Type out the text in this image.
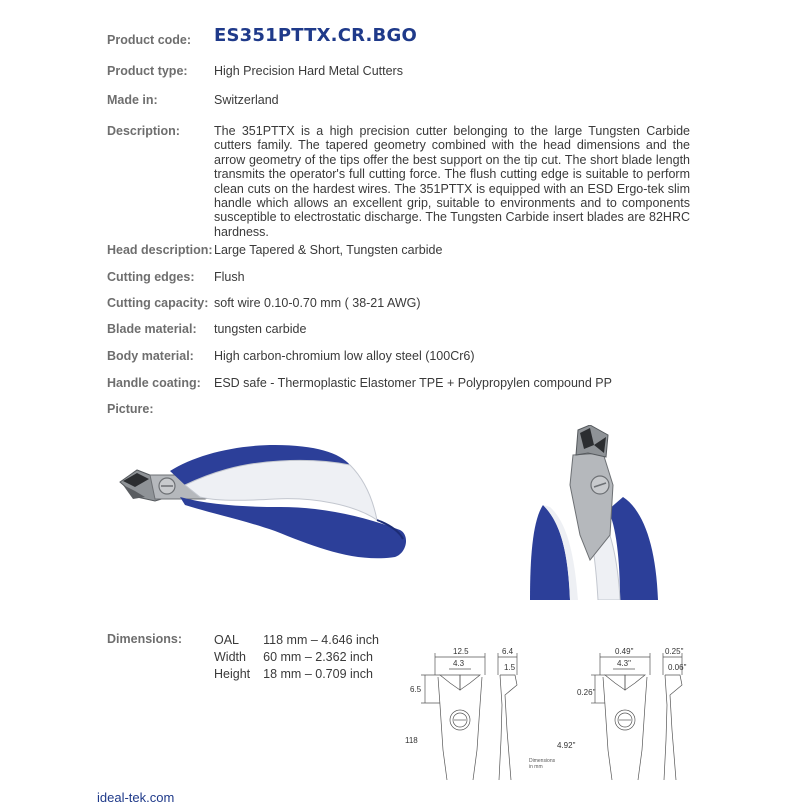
Product code: ES351PTTX.CR.BGO
Product type: High Precision Hard Metal Cutters
Made in:	Switzerland
Description:	The 351PTTX is a high precision cutter belonging to the large Tungsten Carbide cutters family. The tapered geometry combined with the head dimensions and the arrow geometry of the tips offer the best support on the tip cut. The short blade length transmits the operator's full cutting force. The flush cutting edge is suitable to perform clean cuts on the hardest wires. The 351PTTX is equipped with an ESD Ergo-tek slim handle which allows an excellent grip, suitable to environments and to components susceptible to electrostatic discharge. The Tungsten Carbide insert blades are 82HRC hardness.
Head description: Large Tapered & Short, Tungsten carbide
Cutting edges: Flush
Cutting capacity: soft wire 0.10-0.70 mm ( 38-21 AWG)
Blade material: tungsten carbide
Body material: High carbon-chromium low alloy steel (100Cr6)
Handle coating: ESD safe - Thermoplastic Elastomer TPE + Polypropylen compound PP
Picture:
Dimensions:	OAL	118 mm – 4.646 inch
Width	60 mm – 2.362 inch
Height	18 mm – 0.709 inch
12.5
4.3
6.4
1.5
6.5
118
Dimensions
in mm
0.49"
4.3"
0.25"
0.06"
0.26"
4.92"
ideal-tek.com
